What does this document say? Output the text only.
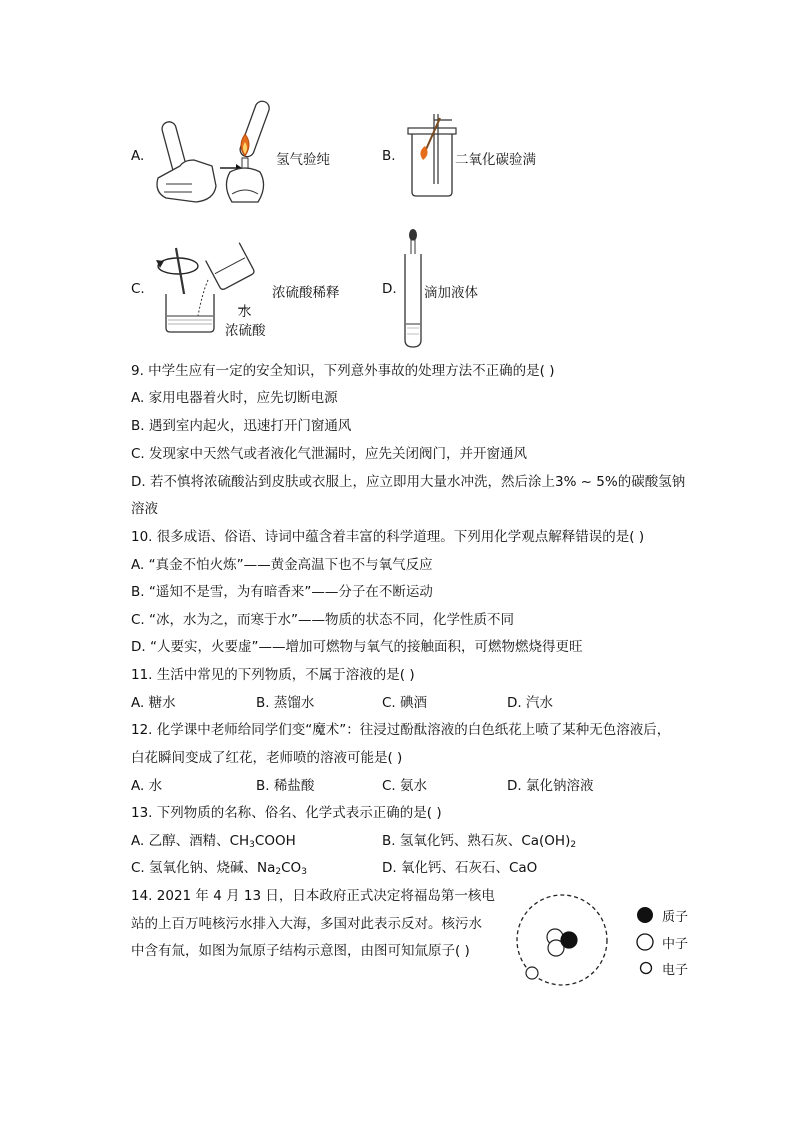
A.	氢气验纯	B.	二氧化碳验满
C.
水
浓硫酸
浓硫酸稀释	D. 滴加液体
9. 中学生应有一定的安全知识，下列意外事故的处理方法不正确的是( )
A. 家用电器着火时，应先切断电源
B. 遇到室内起火，迅速打开门窗通风
C. 发现家中天然气或者液化气泄漏时，应先关闭阀门，并开窗通风
D. 若不慎将浓硫酸沾到皮肤或衣服上，应立即用大量水冲洗，然后涂上3% ~ 5%的碳酸氢钠
溶液
10. 很多成语、俗语、诗词中蕴含着丰富的科学道理。下列用化学观点解释错误的是( )
A. “真金不怕火炼”——黄金高温下也不与氧气反应
B. “遥知不是雪，为有暗香来”——分子在不断运动
C. “冰，水为之，而寒于水”——物质的状态不同，化学性质不同
D. “人要实，火要虚”——增加可燃物与氧气的接触面积，可燃物燃烧得更旺
11. 生活中常见的下列物质，不属于溶液的是( )
A. 糖水	B. 蒸馏水	C. 碘酒	D. 汽水
12. 化学课中老师给同学们变“魔术”：往浸过酚酞溶液的白色纸花上喷了某种无色溶液后，
白花瞬间变成了红花，老师喷的溶液可能是( )
A. 水	B. 稀盐酸	C. 氨水	D. 氯化钠溶液
13. 下列物质的名称、俗名、化学式表示正确的是( )
A. 乙醇、酒精、$CH_3COOH$	B. 氢氧化钙、熟石灰、$Ca(OH)_2$
C. 氢氧化钠、烧碱、$Na_2CO_3$	D. 氧化钙、石灰石、CaO
14. 2021 年 4 月 13 日，日本政府正式决定将福岛第一核电
站的上百万吨核污水排入大海，多国对此表示反对。核污水
中含有氚，如图为氚原子结构示意图，由图可知氚原子( )
质子
中子
电子
